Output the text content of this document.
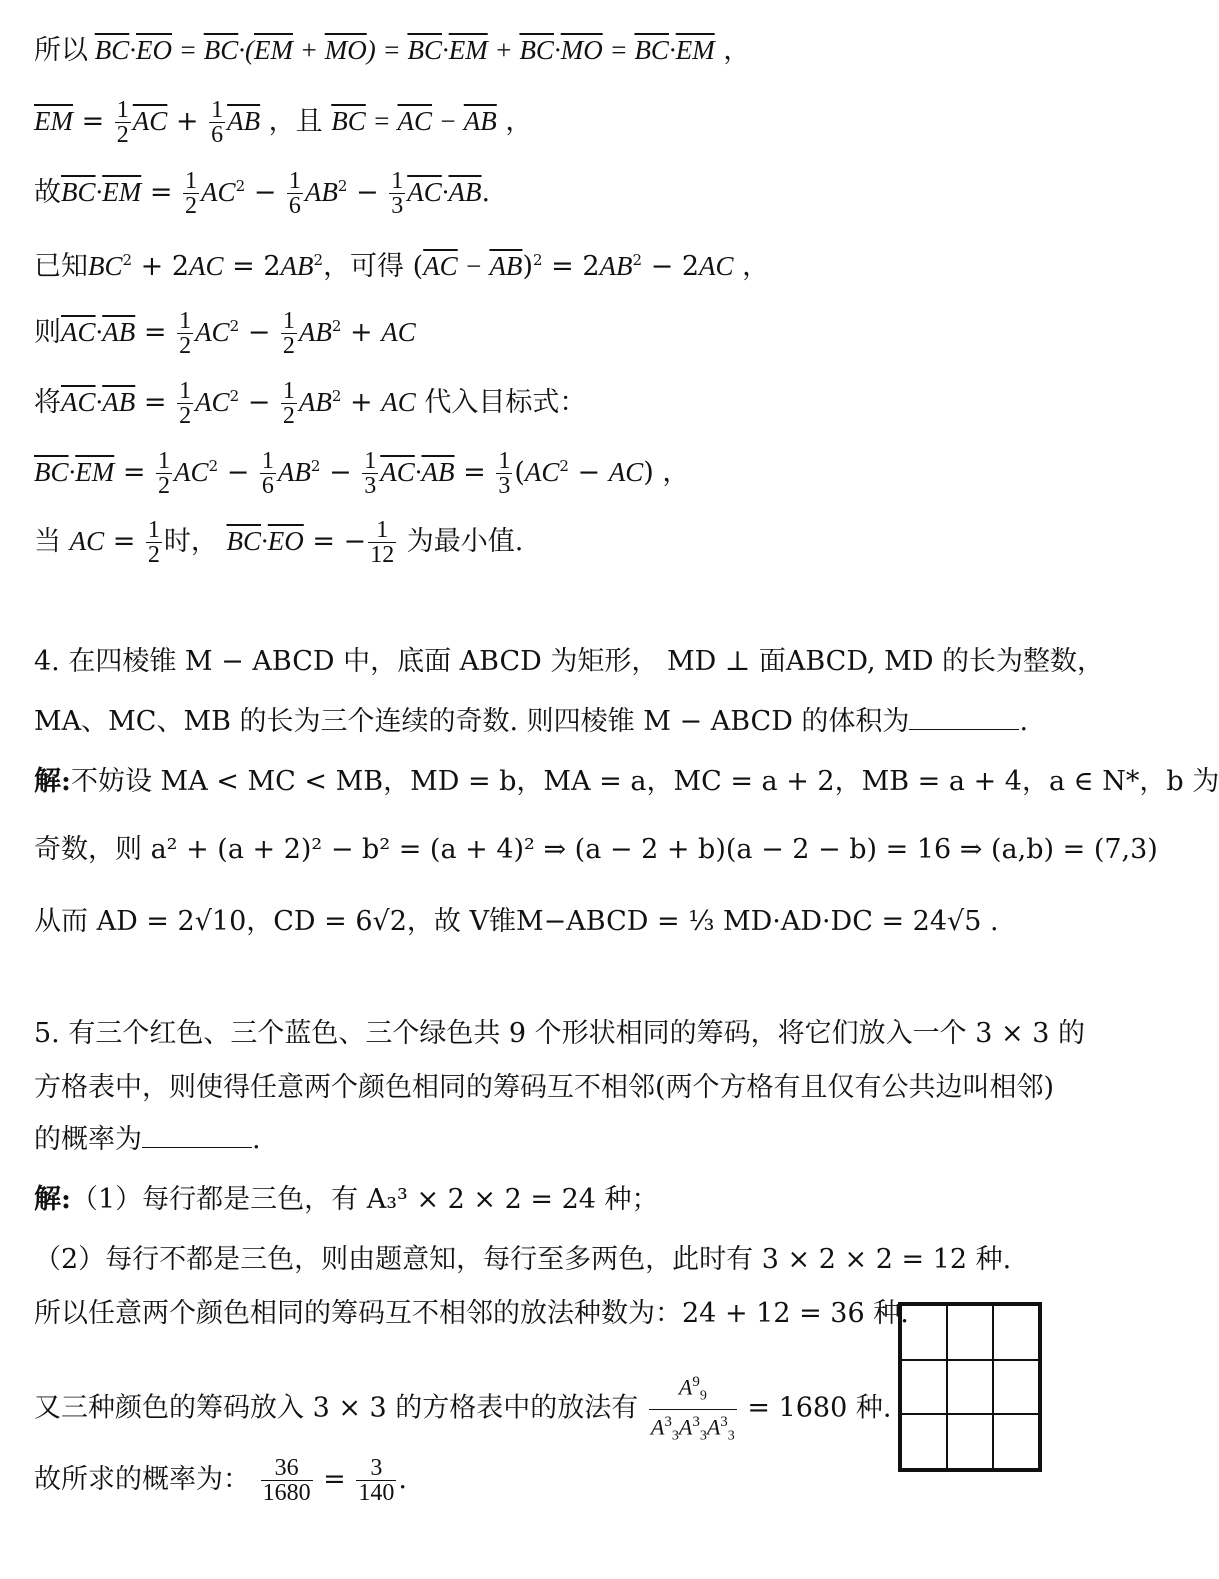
所以 $\overline{BC}\cdot\overline{EO} = \overline{BC}\cdot(\overline{EM} + \overline{MO}) = \overline{BC}\cdot\overline{EM} + \overline{BC}\cdot\overline{MO} = \overline{BC}\cdot\overline{EM}$ ，
$\overline{EM} = \frac{1}{2} \overline{AC} + \frac{1}{6} \overline{AB}$ ，且 $\overline{BC} = \overline{AC} - \overline{AB}$ ，
故$\overline{BC}\cdot\overline{EM} = \frac{1}{2} AC^2 - \frac{1}{6} AB^2 - \frac{1}{3} \overline{AC}\cdot\overline{AB}$.
已知$BC^2 + 2AC = 2AB^2$，可得 $(\overline{AC} - \overline{AB})^2 = 2AB^2 - 2AC$ ，
则$\overline{AC}\cdot\overline{AB} = \frac{1}{2} AC^2 - \frac{1}{2} AB^2$ + AC
将$\overline{AC}\cdot\overline{AB} = \frac{1}{2} AC^2 - \frac{1}{2} AB^2$ + AC 代入目标式：
$\overline{BC}\cdot\overline{EM} = \frac{1}{2} AC^2 - \frac{1}{6} AB^2 - \frac{1}{3} \overline{AC}\cdot\overline{AB} = \frac{1}{3} (AC^2 - AC)$ ，
当 AC = $\frac{1}{2}$ 时， $\overline{BC}\cdot\overline{EO}$ = − $\frac{1}{12}$ 为最小值.
4. 在四棱锥 M − ABCD 中，底面 ABCD 为矩形， MD ⊥ 面ABCD, MD 的长为整数，
MA、MC、MB 的长为三个连续的奇数. 则四棱锥 M − ABCD 的体积为	.
解:不妨设 MA < MC < MB，MD = b，MA = a，MC = a + 2，MB = a + 4，a ∈ N*，b 为
奇数，则 a² + (a + 2)² − b² = (a + 4)² ⇒ (a − 2 + b)(a − 2 − b) = 16 ⇒ (a,b) = (7,3)
从而 AD = 2√10，CD = 6√2，故 V锥M−ABCD = ⅓ MD·AD·DC = 24√5 .
5. 有三个红色、三个蓝色、三个绿色共 9 个形状相同的筹码，将它们放入一个 3 × 3 的
方格表中，则使得任意两个颜色相同的筹码互不相邻(两个方格有且仅有公共边叫相邻)
的概率为	.
解:（1）每行都是三色，有 A₃³ × 2 × 2 = 24 种；
（2）每行不都是三色，则由题意知，每行至多两色，此时有 3 × 2 × 2 = 12 种.
所以任意两个颜色相同的筹码互不相邻的放法种数为：24 + 12 = 36 种.
又三种颜色的筹码放入 3 × 3 的方格表中的放法有 $\frac{A^9_9}{A^3_3A^3_3A^3_3} = 1680$ 种.
故所求的概率为： $\frac{36}{1680} = \frac{3}{140}$ .
